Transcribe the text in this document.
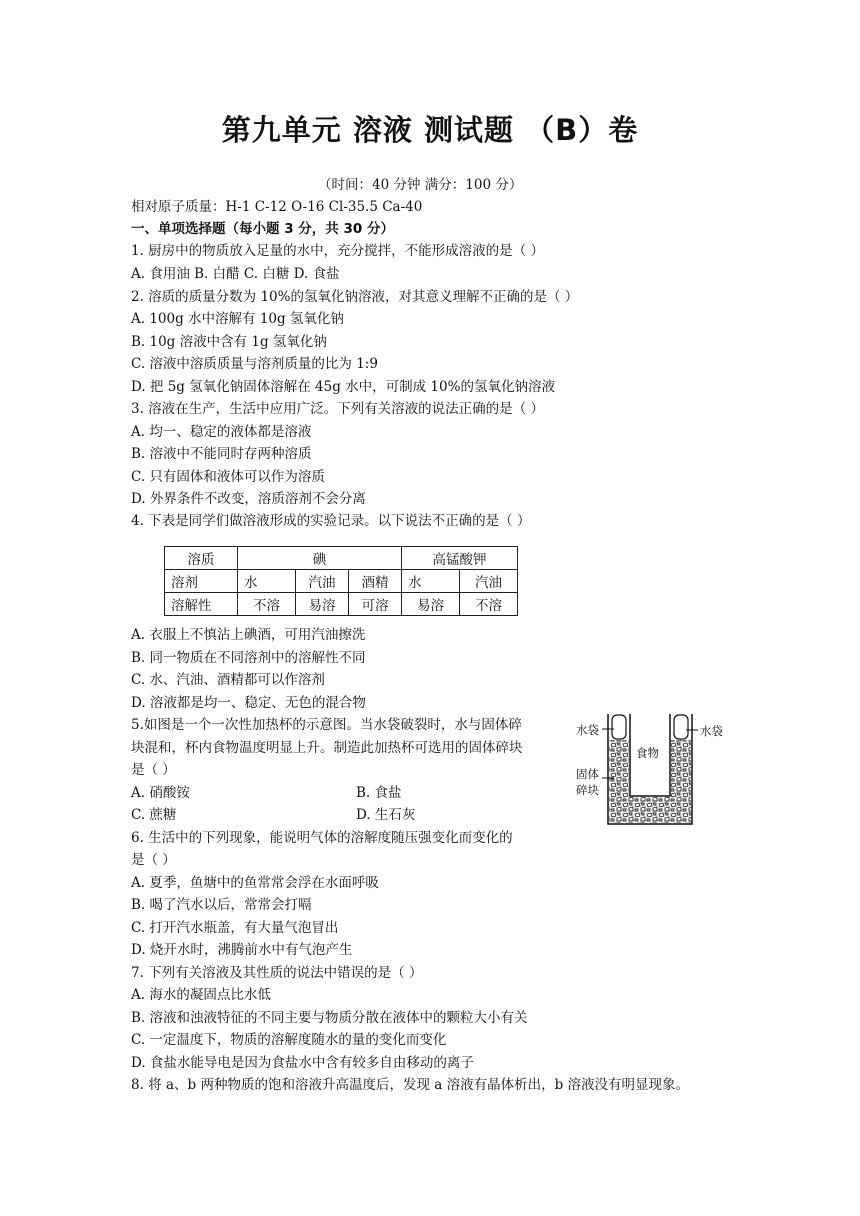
第九单元 溶液 测试题 （B）卷
（时间：40 分钟 满分：100 分）
相对原子质量：H-1 C-12 O-16 Cl-35.5 Ca-40
一、单项选择题（每小题 3 分，共 30 分）
1. 厨房中的物质放入足量的水中，充分搅拌，不能形成溶液的是（ ）
A. 食用油 B. 白醋 C. 白糖 D. 食盐
2. 溶质的质量分数为 10%的氢氧化钠溶液，对其意义理解不正确的是（ ）
A. 100g 水中溶解有 10g 氢氧化钠
B. 10g 溶液中含有 1g 氢氧化钠
C. 溶液中溶质质量与溶剂质量的比为 1:9
D. 把 5g 氢氧化钠固体溶解在 45g 水中，可制成 10%的氢氧化钠溶液
3. 溶液在生产，生活中应用广泛。下列有关溶液的说法正确的是（ ）
A. 均一、稳定的液体都是溶液
B. 溶液中不能同时存两种溶质
C. 只有固体和液体可以作为溶质
D. 外界条件不改变，溶质溶剂不会分离
4. 下表是同学们做溶液形成的实验记录。以下说法不正确的是（ ）
溶质	碘			高锰酸钾	
溶剂	水	汽油	酒精	水	汽油
溶解性	不溶	易溶	可溶	易溶	不溶
A. 衣服上不慎沾上碘酒，可用汽油擦洗
B. 同一物质在不同溶剂中的溶解性不同
C. 水、汽油、酒精都可以作溶剂
D. 溶液都是均一、稳定、无色的混合物
5.如图是一个一次性加热杯的示意图。当水袋破裂时，水与固体碎
块混和，杯内食物温度明显上升。制造此加热杯可选用的固体碎块
是（ ）
A. 硝酸铵	B. 食盐
C. 蔗糖	D. 生石灰
水袋	水袋
食物
固体
碎块
6. 生活中的下列现象，能说明气体的溶解度随压强变化而变化的
是（ ）
A. 夏季，鱼塘中的鱼常常会浮在水面呼吸
B. 喝了汽水以后，常常会打嗝
C. 打开汽水瓶盖，有大量气泡冒出
D. 烧开水时，沸腾前水中有气泡产生
7. 下列有关溶液及其性质的说法中错误的是（ ）
A. 海水的凝固点比水低
B. 溶液和浊液特征的不同主要与物质分散在液体中的颗粒大小有关
C. 一定温度下，物质的溶解度随水的量的变化而变化
D. 食盐水能导电是因为食盐水中含有较多自由移动的离子
8. 将 a、b 两种物质的饱和溶液升高温度后，发现 a 溶液有晶体析出，b 溶液没有明显现象。
